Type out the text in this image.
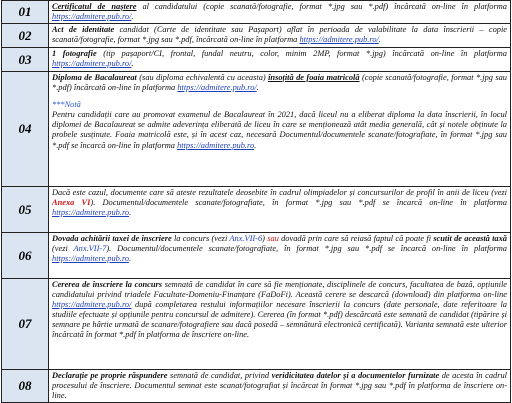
01	Certificatul de naștere al candidatului (copie scanată/fotografie, format *.jpg sau *.pdf) încărcată on-line în platforma https://admitere.pub.ro/.
02	Act de identitate candidat (Carte de identitate sau Pașaport) aflat în perioada de valabilitate la data înscrierii – copie scanată/fotografie, format *.jpg sau *.pdf, încărcată on-line în platforma https://admitere.pub.ro/.
03	1 fotografie (tip pașaport/CI, frontal, fundal neutru, color, minim 2MP, format *.jpg) încărcată on-line în platforma https://admitere.pub.ro/.
04	Diploma de Bacalaureat (sau diploma echivalentă cu aceasta) însoțită de foaia matricolă (copie scanată/fotografie, format *.jpg sau *.pdf) încărcată on-line în platforma https://admitere.pub.ro/.
***Notă
Pentru candidații care au promovat examenul de Bacalaureat în 2021, dacă liceul nu a eliberat diploma la data înscrierii, în locul diplomei de Bacalaureat se admite adeverința eliberată de liceu în care se menționează atât media generală, cât și notele obținute la probele susținute. Foaia matricolă este, și în acest caz, necesară Documentul/documentele scanate/fotografiate, în format *.jpg sau *.pdf se încarcă on-line în platforma https://admitere.pub.ro.

05	Dacă este cazul, documente care să ateste rezultatele deosebite în cadrul olimpiadelor și concursurilor de profil în anii de liceu (vezi Anexa VI). Documentul/documentele scanate/fotografiate, în format *.jpg sau *.pdf se încarcă on-line în platforma https://admitere.pub.ro.
06	Dovada achitării taxei de înscriere la concurs (vezi Anx.VII-6) sau dovadă prin care să reiasă faptul că poate fi scutit de această taxă (vezi Anx.VII-7). Documentul/documentele scanate/fotografiate, în format *.jpg sau *.pdf se încarcă on-line în platforma https://admitere.pub.ro.
07	Cererea de înscriere la concurs semnată de candidat în care să fie menționate, disciplinele de concurs, facultatea de bază, opțiunile candidatului privind triadele Facultate-Domeniu-Finanțare (FaDoFi). Această cerere se descarcă (download) din platforma on-line https://admitere.pub.ro/ după completarea restului informațiilor necesare înscrierii la concurs (date personale, date referitoare la studiile efectuate și opțiunile pentru concursul de admitere). Cererea (în format *.pdf) descărcată este semnată de candidat (tipărire și semnare pe hârtie urmată de scanare/fotografiere sau dacă posedă – semnătură electronică certificată). Varianta semnată este ulterior încărcată în format *.pdf în platforma de înscriere on-line.
08	Declarație pe proprie răspundere semnată de candidat, privind veridicitatea datelor și a documentelor furnizate de acesta în cadrul procesului de înscriere. Documentul semnat este scanat/fotografiat și încărcat în format *.jpg sau *.pdf în platforma de înscriere on-line.
